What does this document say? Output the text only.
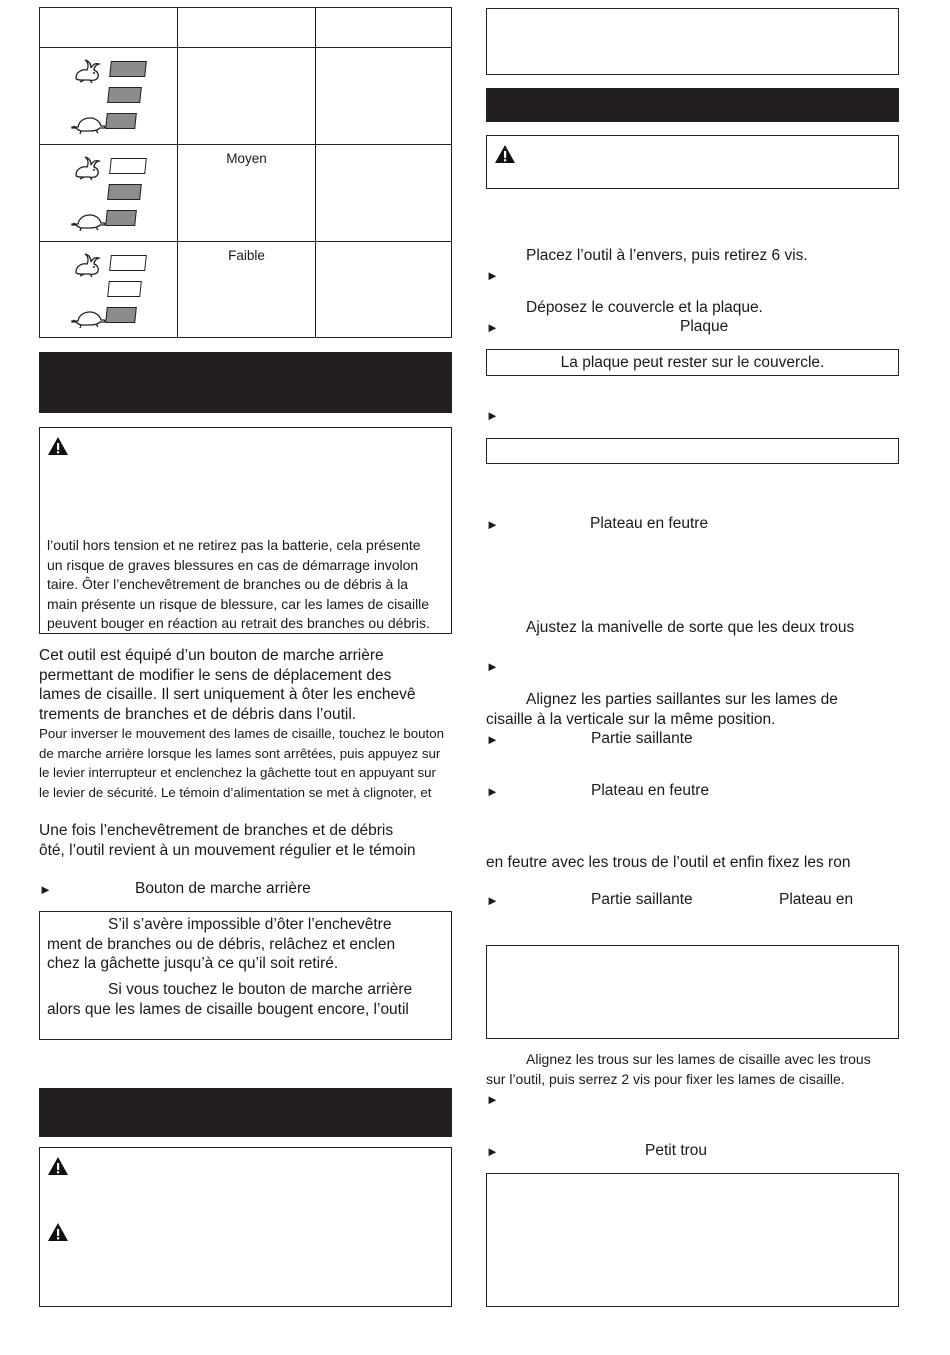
	Moyen	

	Faible	

l’outil hors tension et ne retirez pas la batterie, cela présente
un risque de graves blessures en cas de démarrage involon
taire. Ôter l’enchevêtrement de branches ou de débris à la
main présente un risque de blessure, car les lames de cisaille
peuvent bouger en réaction au retrait des branches ou débris.
Cet outil est équipé d’un bouton de marche arrière
permettant de modifier le sens de déplacement des
lames de cisaille. Il sert uniquement à ôter les enchevê
trements de branches et de débris dans l’outil.
Pour inverser le mouvement des lames de cisaille, touchez le bouton
de marche arrière lorsque les lames sont arrêtées, puis appuyez sur
le levier interrupteur et enclenchez la gâchette tout en appuyant sur
le levier de sécurité. Le témoin d’alimentation se met à clignoter, et
Une fois l’enchevêtrement de branches et de débris
ôté, l’outil revient à un mouvement régulier et le témoin
►	Bouton de marche arrière
S’il s’avère impossible d’ôter l’enchevêtre
ment de branches ou de débris, relâchez et enclen
chez la gâchette jusqu’à ce qu’il soit retiré.
Si vous touchez le bouton de marche arrière
alors que les lames de cisaille bougent encore, l’outil
Placez l’outil à l’envers, puis retirez 6 vis.
►
Déposez le couvercle et la plaque.
►	Plaque
La plaque peut rester sur le couvercle.
►
►	Plateau en feutre
Ajustez la manivelle de sorte que les deux trous
►
Alignez les parties saillantes sur les lames de
cisaille à la verticale sur la même position.
►	Partie saillante
►	Plateau en feutre
en feutre avec les trous de l’outil et enfin fixez les ron
►	Partie saillante	Plateau en
Alignez les trous sur les lames de cisaille avec les trous
sur l’outil, puis serrez 2 vis pour fixer les lames de cisaille.
►
►	Petit trou
